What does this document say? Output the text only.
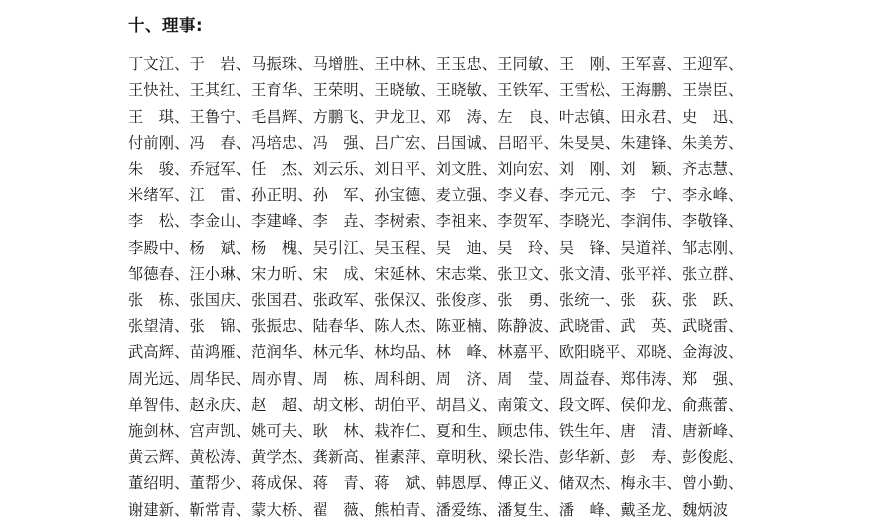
十、理事:
丁文江、于　岩、马振珠、马增胜、王中林、王玉忠、王同敏、王　刚、王军喜、王迎军、
王快社、王其红、王育华、王荣明、王晓敏、王晓敏、王铁军、王雪松、王海鹏、王崇臣、
王　琪、王鲁宁、毛昌辉、方鹏飞、尹龙卫、邓　涛、左　良、叶志镇、田永君、史　迅、
付前刚、冯　春、冯培忠、冯　强、吕广宏、吕国诚、吕昭平、朱旻昊、朱建锋、朱美芳、
朱　骏、乔冠军、任　杰、刘云乐、刘日平、刘文胜、刘向宏、刘　刚、刘　颖、齐志慧、
米绪军、江　雷、孙正明、孙　军、孙宝德、麦立强、李义春、李元元、李　宁、李永峰、
李　松、李金山、李建峰、李　垚、李树索、李祖来、李贺军、李晓光、李润伟、李敬锋、
李殿中、杨　斌、杨　槐、吴引江、吴玉程、吴　迪、吴　玲、吴　锋、吴道祥、邹志刚、
邹德春、汪小琳、宋力昕、宋　成、宋延林、宋志棠、张卫文、张文清、张平祥、张立群、
张　栋、张国庆、张国君、张政军、张保汉、张俊彦、张　勇、张统一、张　荻、张　跃、
张望清、张　锦、张振忠、陆春华、陈人杰、陈亚楠、陈静波、武晓雷、武　英、武晓雷、
武高辉、苗鸿雁、范润华、林元华、林均品、林　峰、林嘉平、欧阳晓平、邓晓、金海波、
周光远、周华民、周亦胄、周　栋、周科朗、周　济、周　莹、周益春、郑伟涛、郑　强、
单智伟、赵永庆、赵　超、胡文彬、胡伯平、胡昌义、南策文、段文晖、侯仰龙、俞燕蕾、
施剑林、宫声凯、姚可夫、耿　林、栽祚仁、夏和生、顾忠伟、铁生年、唐　清、唐新峰、
黄云辉、黄松涛、黄学杰、龚新高、崔素萍、章明秋、梁长浩、彭华新、彭　寿、彭俊彪、
董绍明、董帮少、蒋成保、蒋　青、蒋　斌、韩恩厚、傅正义、储双杰、梅永丰、曾小勤、
谢建新、靳常青、蒙大桥、翟　薇、熊柏青、潘爱练、潘复生、潘　峰、戴圣龙、魏炳波
